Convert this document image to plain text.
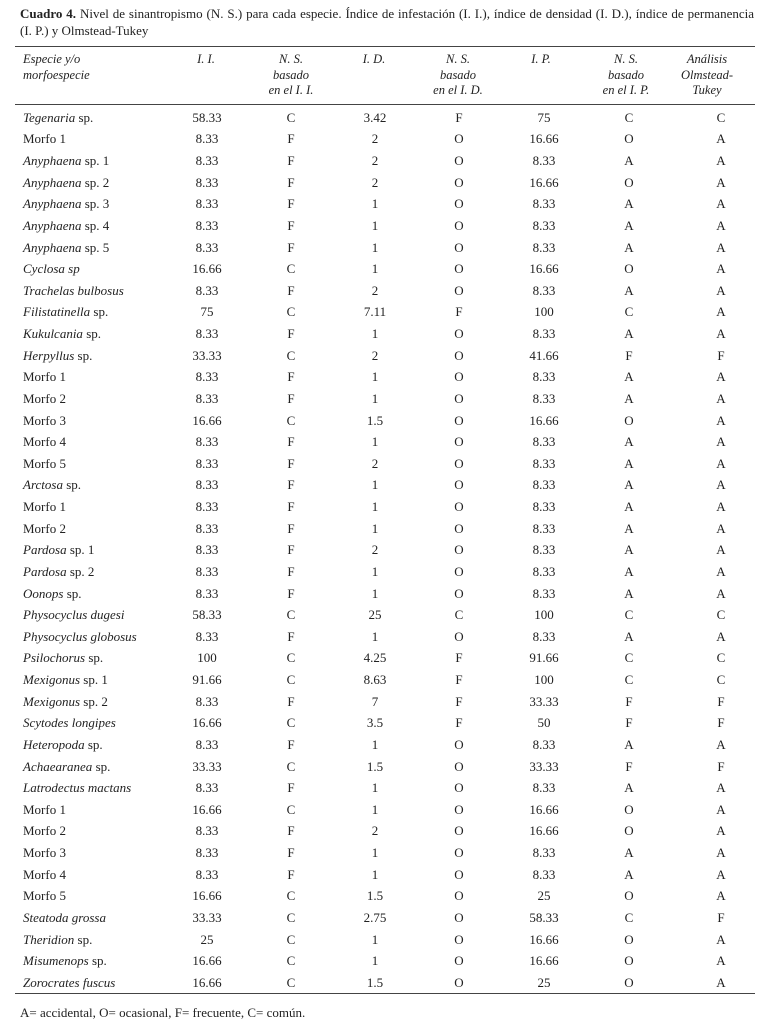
Cuadro 4. Nivel de sinantropismo (N. S.) para cada especie. Índice de infestación (I. I.), índice de densidad (I. D.), índice de permanencia (I. P.) y Olmstead-Tukey

Especie y/o
morfoespecie
I. I.	N. S.
basado
en el I. I.
I. D.	N. S.
basado
en el I. D.
I. P.	N. S.
basado
en el I. P.
Análisis
Olmstead-
Tukey
Tegenaria sp.	58.33	C	3.42	F	75	C	C
Morfo 1	8.33	F	2	O	16.66	O	A
Anyphaena sp. 1	8.33	F	2	O	8.33	A	A
Anyphaena sp. 2	8.33	F	2	O	16.66	O	A
Anyphaena sp. 3	8.33	F	1	O	8.33	A	A
Anyphaena sp. 4	8.33	F	1	O	8.33	A	A
Anyphaena sp. 5	8.33	F	1	O	8.33	A	A
Cyclosa sp	16.66	C	1	O	16.66	O	A
Trachelas bulbosus	8.33	F	2	O	8.33	A	A
Filistatinella sp.	75	C	7.11	F	100	C	A
Kukulcania sp.	8.33	F	1	O	8.33	A	A
Herpyllus sp.	33.33	C	2	O	41.66	F	F
Morfo 1	8.33	F	1	O	8.33	A	A
Morfo 2	8.33	F	1	O	8.33	A	A
Morfo 3	16.66	C	1.5	O	16.66	O	A
Morfo 4	8.33	F	1	O	8.33	A	A
Morfo 5	8.33	F	2	O	8.33	A	A
Arctosa sp.	8.33	F	1	O	8.33	A	A
Morfo 1	8.33	F	1	O	8.33	A	A
Morfo 2	8.33	F	1	O	8.33	A	A
Pardosa sp. 1	8.33	F	2	O	8.33	A	A
Pardosa sp. 2	8.33	F	1	O	8.33	A	A
Oonops sp.	8.33	F	1	O	8.33	A	A
Physocyclus dugesi	58.33	C	25	C	100	C	C
Physocyclus globosus	8.33	F	1	O	8.33	A	A
Psilochorus sp.	100	C	4.25	F	91.66	C	C
Mexigonus sp. 1	91.66	C	8.63	F	100	C	C
Mexigonus sp. 2	8.33	F	7	F	33.33	F	F
Scytodes longipes	16.66	C	3.5	F	50	F	F
Heteropoda sp.	8.33	F	1	O	8.33	A	A
Achaearanea sp.	33.33	C	1.5	O	33.33	F	F
Latrodectus mactans	8.33	F	1	O	8.33	A	A
Morfo 1	16.66	C	1	O	16.66	O	A
Morfo 2	8.33	F	2	O	16.66	O	A
Morfo 3	8.33	F	1	O	8.33	A	A
Morfo 4	8.33	F	1	O	8.33	A	A
Morfo 5	16.66	C	1.5	O	25	O	A
Steatoda grossa	33.33	C	2.75	O	58.33	C	F
Theridion sp.	25	C	1	O	16.66	O	A
Misumenops sp.	16.66	C	1	O	16.66	O	A
Zorocrates fuscus	16.66	C	1.5	O	25	O	A

A= accidental, O= ocasional, F= frecuente, C= común.
